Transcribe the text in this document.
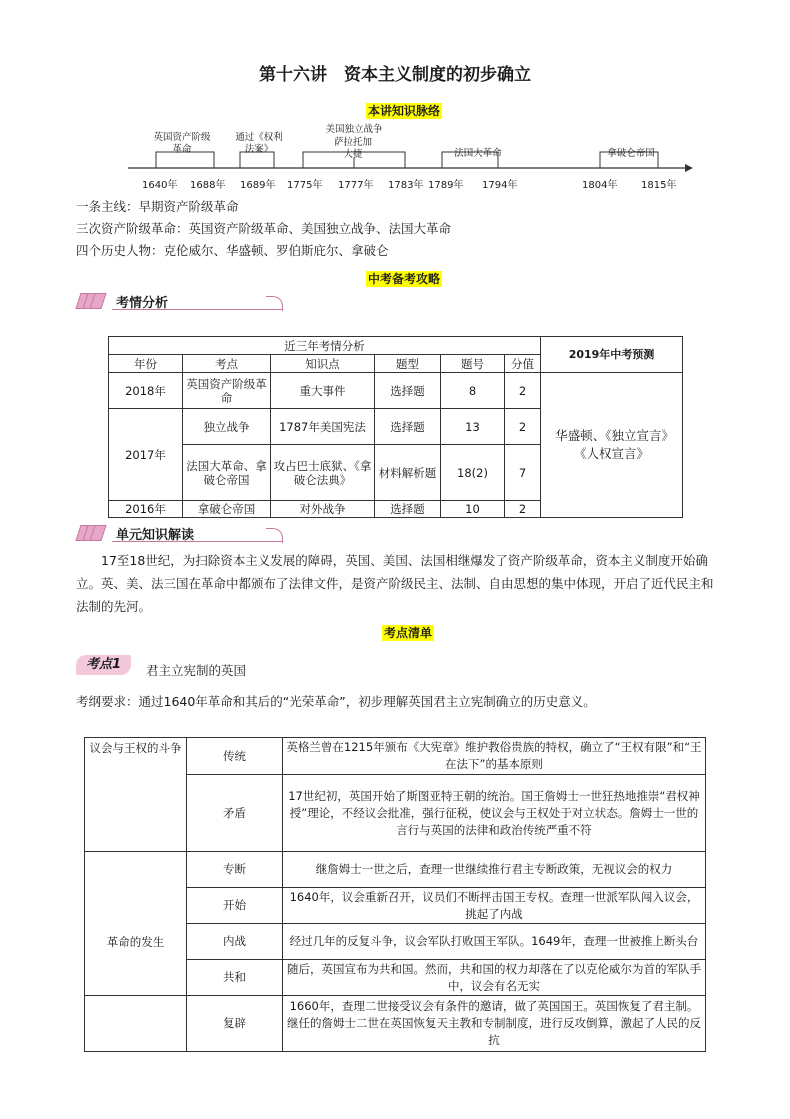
第十六讲　资本主义制度的初步确立
本讲知识脉络
英国资产阶级革命
通过《权利法案》
美国独立战争
萨拉托加大捷	法国大革命	拿破仑帝国
1640年 1688年 1689年 1775年 1777年 1783年 1789年 1794年	1804年 1815年
一条主线：早期资产阶级革命
三次资产阶级革命：英国资产阶级革命、美国独立战争、法国大革命
四个历史人物：克伦威尔、华盛顿、罗伯斯庇尔、拿破仑
中考备考攻略
考情分析
近三年考情分析						2019年中考预测
年份	考点	知识点	题型	题号	分值	
2018年	英国资产阶级革命	重大事件	选择题	8	2	华盛顿、《独立宣言》《人权宣言》
2017年	独立战争	1787年美国宪法	选择题	13	2	
	法国大革命、拿破仑帝国	攻占巴士底狱、《拿破仑法典》	材料解析题	18(2)	7	
2016年	拿破仑帝国	对外战争	选择题	10	2	
单元知识解读
17至18世纪，为扫除资本主义发展的障碍，英国、美国、法国相继爆发了资产阶级革命，资本主义制度开始确立。英、美、法三国在革命中都颁布了法律文件，是资产阶级民主、法制、自由思想的集中体现，开启了近代民主和法制的先河。
考点清单
考点1	君主立宪制的英国
考纲要求：通过1640年革命和其后的“光荣革命”，初步理解英国君主立宪制确立的历史意义。
议会与王权的斗争	传统	英格兰曾在1215年颁布《大宪章》维护教俗贵族的特权，确立了“王权有限”和“王在法下”的基本原则
	矛盾	17世纪初，英国开始了斯图亚特王朝的统治。国王詹姆士一世狂热地推崇“君权神授”理论，不经议会批准，强行征税，使议会与王权处于对立状态。詹姆士一世的言行与英国的法律和政治传统严重不符
革命的发生	专断	继詹姆士一世之后，查理一世继续推行君主专断政策，无视议会的权力
	开始	1640年，议会重新召开，议员们不断抨击国王专权。查理一世派军队闯入议会，挑起了内战
	内战	经过几年的反复斗争，议会军队打败国王军队。1649年，查理一世被推上断头台
	共和	随后，英国宣布为共和国。然而，共和国的权力却落在了以克伦威尔为首的军队手中，议会有名无实
	复辟	1660年，查理二世接受议会有条件的邀请，做了英国国王。英国恢复了君主制。继任的詹姆士二世在英国恢复天主教和专制制度，进行反攻倒算，激起了人民的反抗
